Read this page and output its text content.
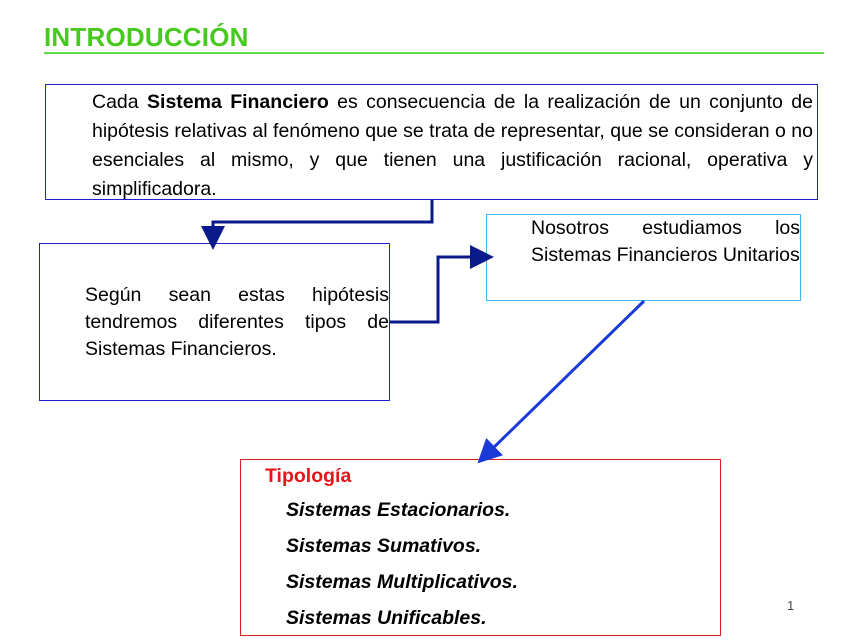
INTRODUCCIÓN
Cada Sistema Financiero es consecuencia de la realización de un conjunto de hipótesis relativas al fenómeno que se trata de representar, que se consideran o no esenciales al mismo, y que tienen una justificación racional, operativa y simplificadora.
Según sean estas hipótesis tendremos diferentes tipos de Sistemas Financieros.
Nosotros estudiamos los Sistemas Financieros Unitarios
Tipología
Sistemas Estacionarios.
Sistemas Sumativos.
Sistemas Multiplicativos.
Sistemas Unificables.
1
